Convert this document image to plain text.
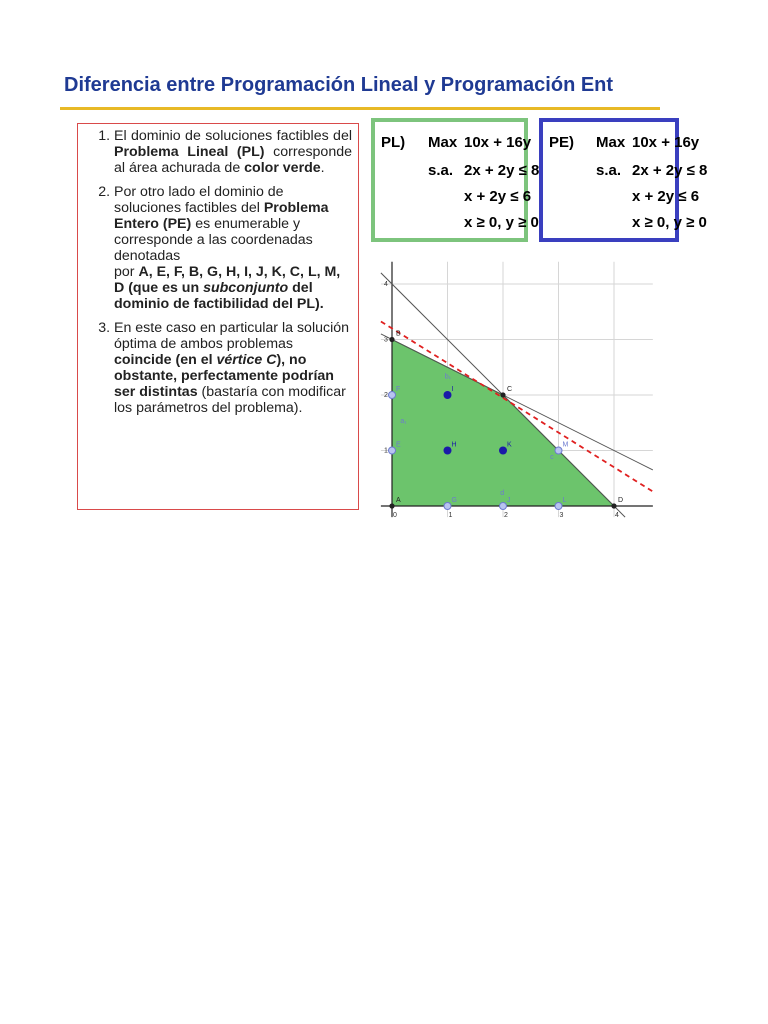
Diferencia entre Programación Lineal y Programación Ent
1. El dominio de soluciones factibles del Problema Lineal (PL) corresponde al área achurada de color verde.
2. Por otro lado el dominio de soluciones factibles del Problema Entero (PE) es enumerable y corresponde a las coordenadas denotadas
por A, E, F, B, G, H, I, J, K, C, L, M, D (que es un subconjunto del dominio de factibilidad del PL).
3. En este caso en particular la solución óptima de ambos problemas coincide (en el vértice C), no obstante, perfectamente podrían ser distintas (bastaría con modificar los parámetros del problema).
PL) Max
s.a.
10x + 16y
2x + 2y ≤ 8
x + 2y ≤ 6
x ≥ 0, y ≥ 0
PE) Max
s.a.
10x + 16y
2x + 2y ≤ 8
x + 2y ≤ 6
x ≥ 0, y ≥ 0
0	1	2	3	4
1
2
3
4
A
B
C
D
E
F
G	J	L
M
H
I
K
b₁
a₁
c
d
